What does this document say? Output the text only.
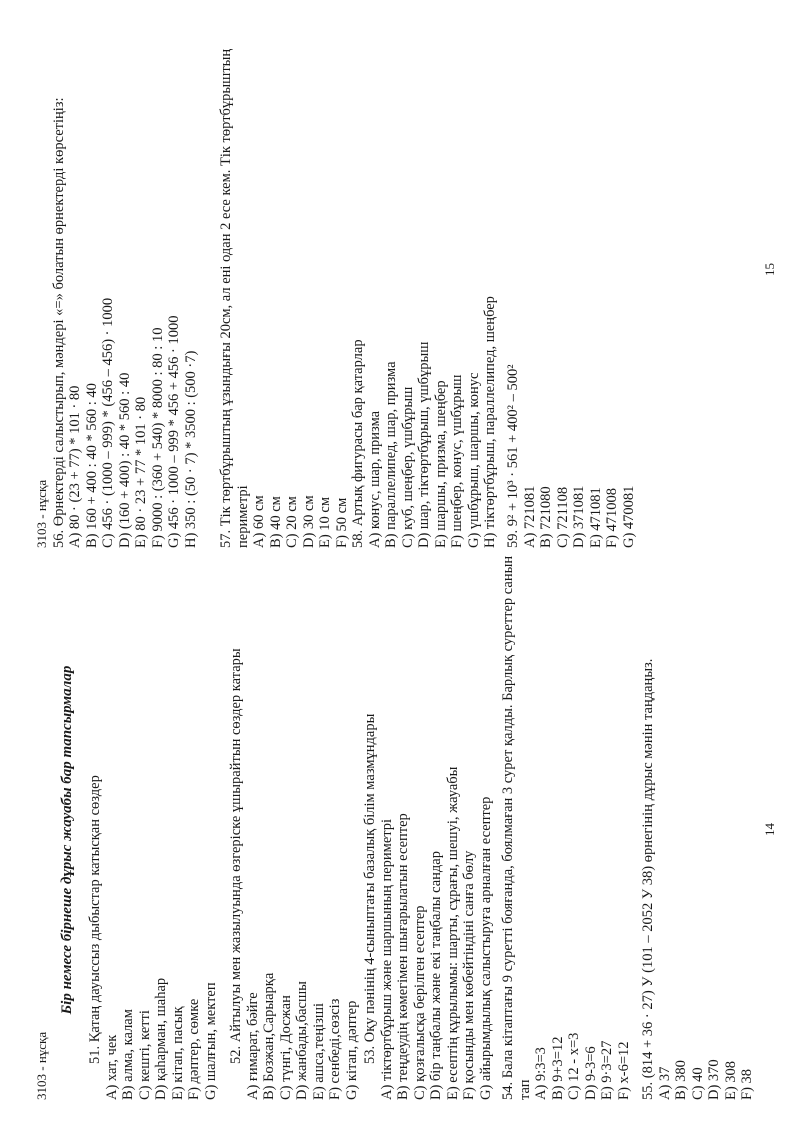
3103 - нұсқа
Бір немесе бірнеше дұрыс жауабы бар тапсырмалар 51. Қатаң дауыссыз дыбыстар катысқан сөздер
A) хат, чек B) алма, калам C) кешті, кетті D) қаһарман, шаһар E) кітап, пасық F) дәптер, сөмке G) шалғын, мектеп 52. Айтылуы мен жазылуында өзгеріске ұшырайтын сөздер катары A) ғимарат, бәйге B) Бозжан,Сарыарқа C) түнгі, Досжан D) жанбады,басшы E) ашса,теңізші F) сенбеді,сөзсіз G) кітап, дәптер 53. Оқу пәнінің 4-сыныптағы базалық білім мазмұндары A) тіктөртбұрыш және шаршының периметрі B) теңдеудің көмегімен шығарылатын есептер C) қозғалысқа берілген есептер D) бір таңбалы және екі таңбалы сандар E) есептің құрылымы: шарты, сұрағы, шешуі, жауабы F) қосынды мен көбейтіндіні санға бөлу G) айырымдылық салыстыруға арналған есептер 54. Бала кітаптағы 9 суретті бояғанда, боялмаған 3 сурет қалды. Барлық суреттер санын тап A) 9:3=3 B) 9+3=12 C) 12 - x=3 D) 9-3=6 E) 9·3=27 F) x-6=12 55. (814 + 36 · 27) У (101 – 2052 У 38) өрнегінің дұрыс мәнін таңдаңыз. A) 37 B) 380 C) 40 D) 370 E) 308 F) 38
14
3103 - нұсқа 56. Өрнектерді салыстырып, мәндері «=» болатын өрнектерді көрсетіңіз: A) 80 · (23 + 77) * 101 · 80 B) 160 + 400 : 40 * 560 : 40 C) 456 · (1000 – 999) * (456 – 456) · 1000 D) (160 + 400) : 40 * 560 : 40 E) 80 · 23 + 77 * 101 · 80 F) 9000 : (360 + 540) * 8000 : 80 : 10 G) 456 · 1000 – 999 * 456 + 456 · 1000 H) 350 : (50 · 7) * 3500 : (500 ·7) 57. Тік төртбұрыштың ұзындығы 20см, ал ені одан 2 есе кем. Тік төртбұрыштың периметрі A) 60 см B) 40 см C) 20 см D) 30 см E) 10 см F) 50 см 58. Артық фигурасы бар қатарлар A) конус, шар, призма B) параллелипед, шар, призма C) куб, шеңбер, үшбұрыш D) шар, тіктөртбұрыш, үшбұрыш E) шаршы, призма, шеңбер F) шеңбер, конус, үшбұрыш G) үшбұрыш, шаршы, конус H) тіктөртбұрыш, параллелипед, шеңбер 59. 9² + 10³ · 561 + 400² – 500² A) 721081 B) 721080 C) 721108 D) 371081 E) 471081 F) 471008 G) 470081
15
